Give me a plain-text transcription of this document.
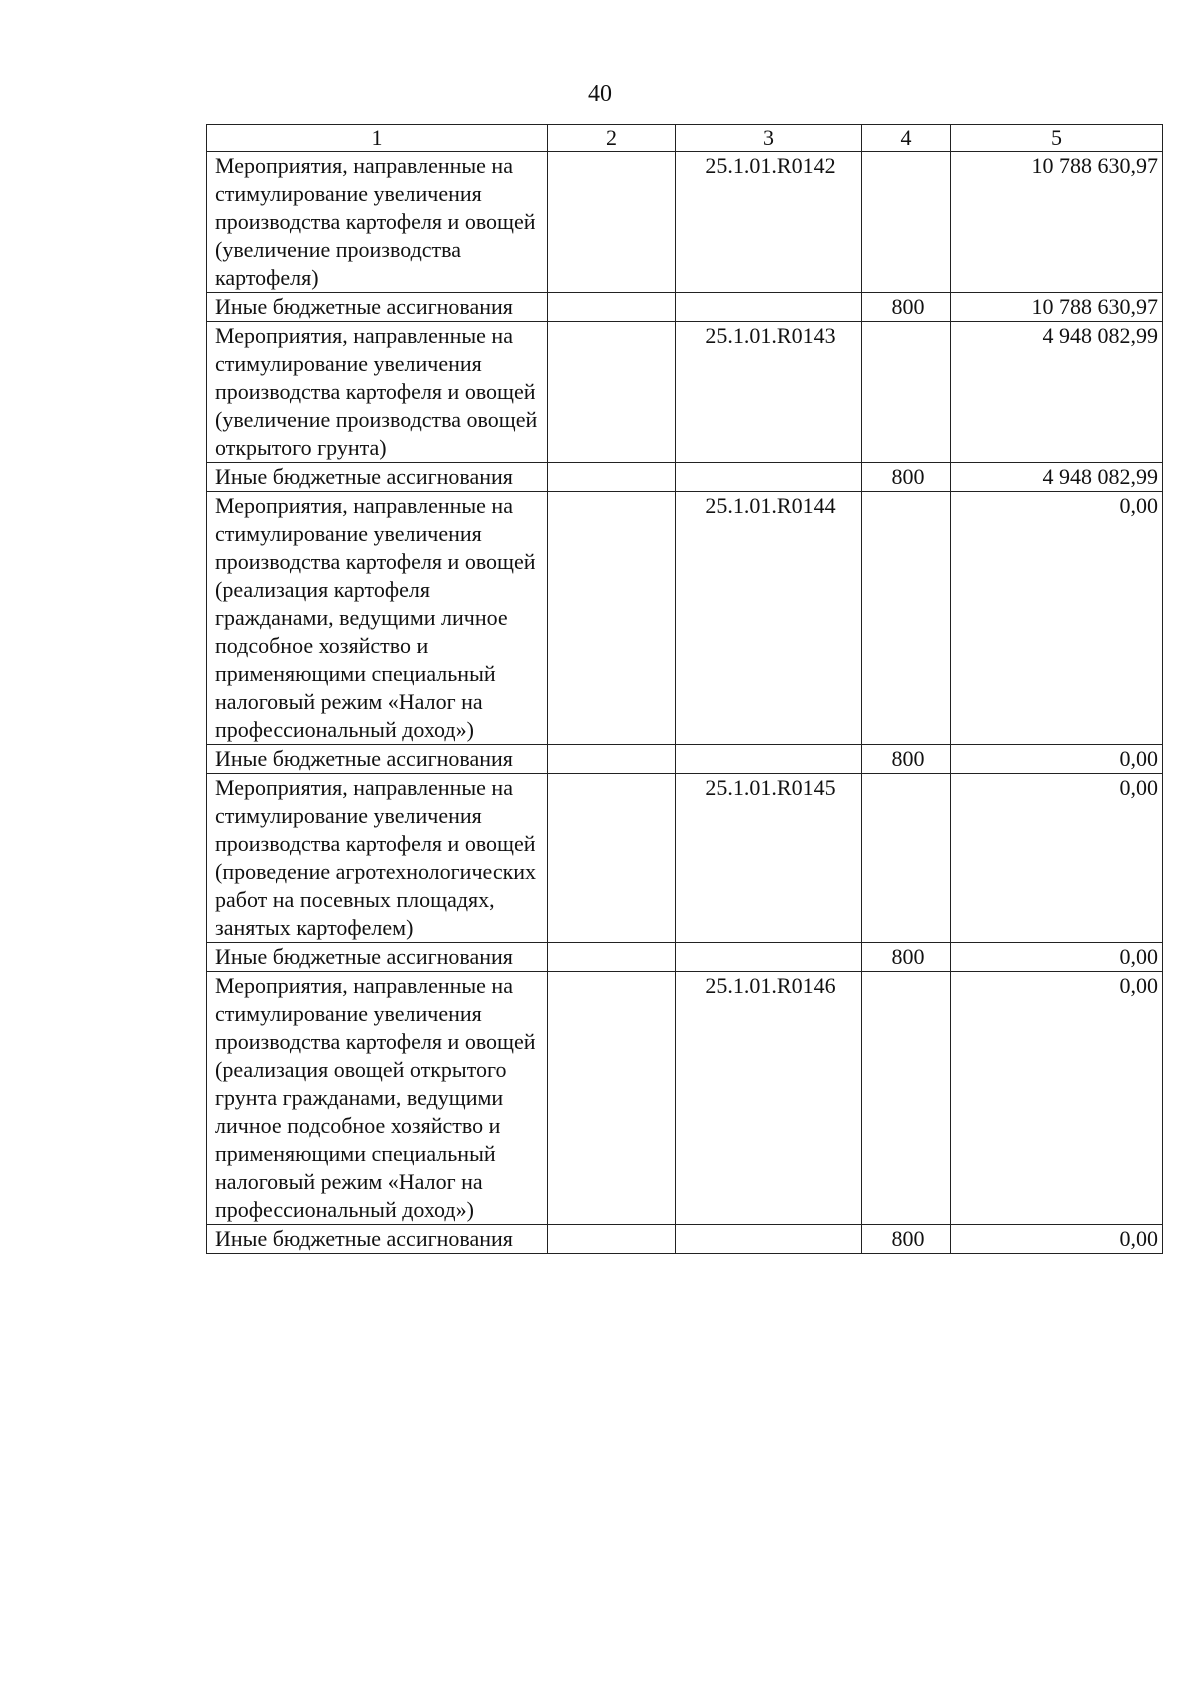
40
1	2	3	4	5
Мероприятия, направленные на стимулирование увеличения производства картофеля и овощей (увеличение производства картофеля)		25.1.01.R0142		10 788 630,97
Иные бюджетные ассигнования			800	10 788 630,97
Мероприятия, направленные на стимулирование увеличения производства картофеля и овощей (увеличение производства овощей открытого грунта)		25.1.01.R0143		4 948 082,99
Иные бюджетные ассигнования			800	4 948 082,99
Мероприятия, направленные на стимулирование увеличения производства картофеля и овощей (реализация картофеля гражданами, ведущими личное подсобное хозяйство и применяющими специальный налоговый режим «Налог на профессиональный доход»)		25.1.01.R0144		0,00
Иные бюджетные ассигнования			800	0,00
Мероприятия, направленные на стимулирование увеличения производства картофеля и овощей (проведение агротехнологических работ на посевных площадях, занятых картофелем)		25.1.01.R0145		0,00
Иные бюджетные ассигнования			800	0,00
Мероприятия, направленные на стимулирование увеличения производства картофеля и овощей (реализация овощей открытого грунта гражданами, ведущими личное подсобное хозяйство и применяющими специальный налоговый режим «Налог на профессиональный доход»)		25.1.01.R0146		0,00
Иные бюджетные ассигнования			800	0,00
